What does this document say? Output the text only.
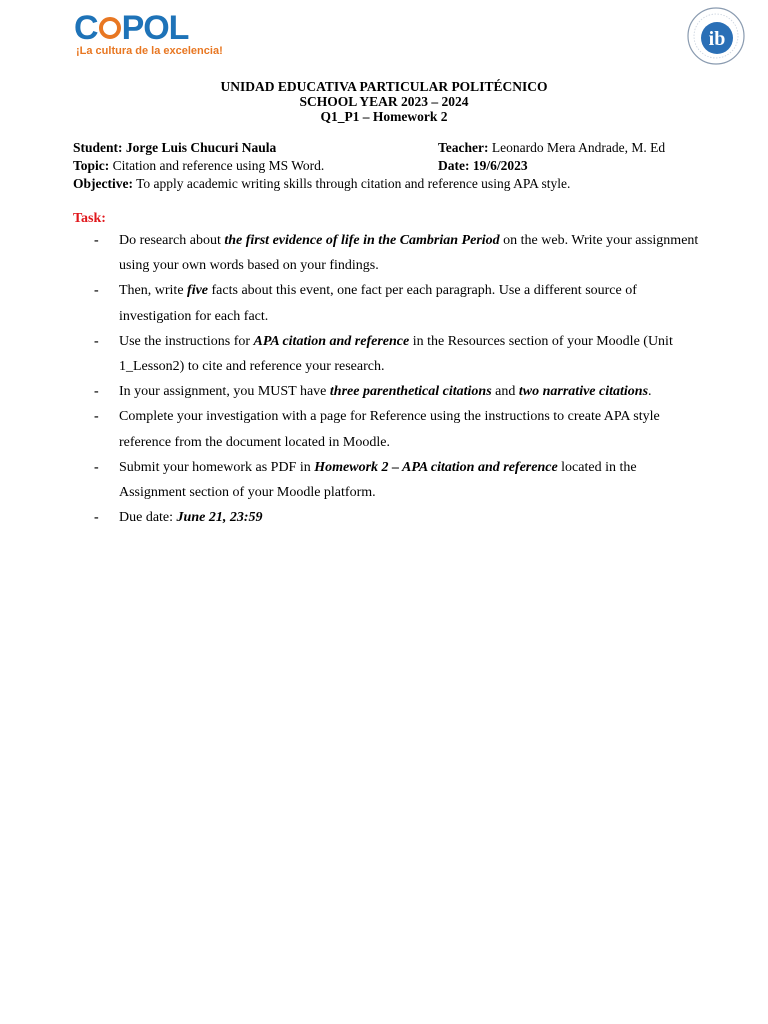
C POL
¡La cultura de la excelencia!
ib
UNIDAD EDUCATIVA PARTICULAR POLITÉCNICO
SCHOOL YEAR 2023 – 2024
Q1_P1 – Homework 2
Student: Jorge Luis Chucuri Naula	Teacher: Leonardo Mera Andrade, M. Ed
Topic: Citation and reference using MS Word.	Date: 19/6/2023
Objective: To apply academic writing skills through citation and reference using APA style.
Task:
- Do research about the first evidence of life in the Cambrian Period on the web. Write your assignment using your own words based on your findings.
- Then, write five facts about this event, one fact per each paragraph. Use a different source of investigation for each fact.
- Use the instructions for APA citation and reference in the Resources section of your Moodle (Unit 1_Lesson2) to cite and reference your research.
- In your assignment, you MUST have three parenthetical citations and two narrative citations.
- Complete your investigation with a page for Reference using the instructions to create APA style reference from the document located in Moodle.
- Submit your homework as PDF in Homework 2 – APA citation and reference located in the Assignment section of your Moodle platform.
- Due date: June 21, 23:59
